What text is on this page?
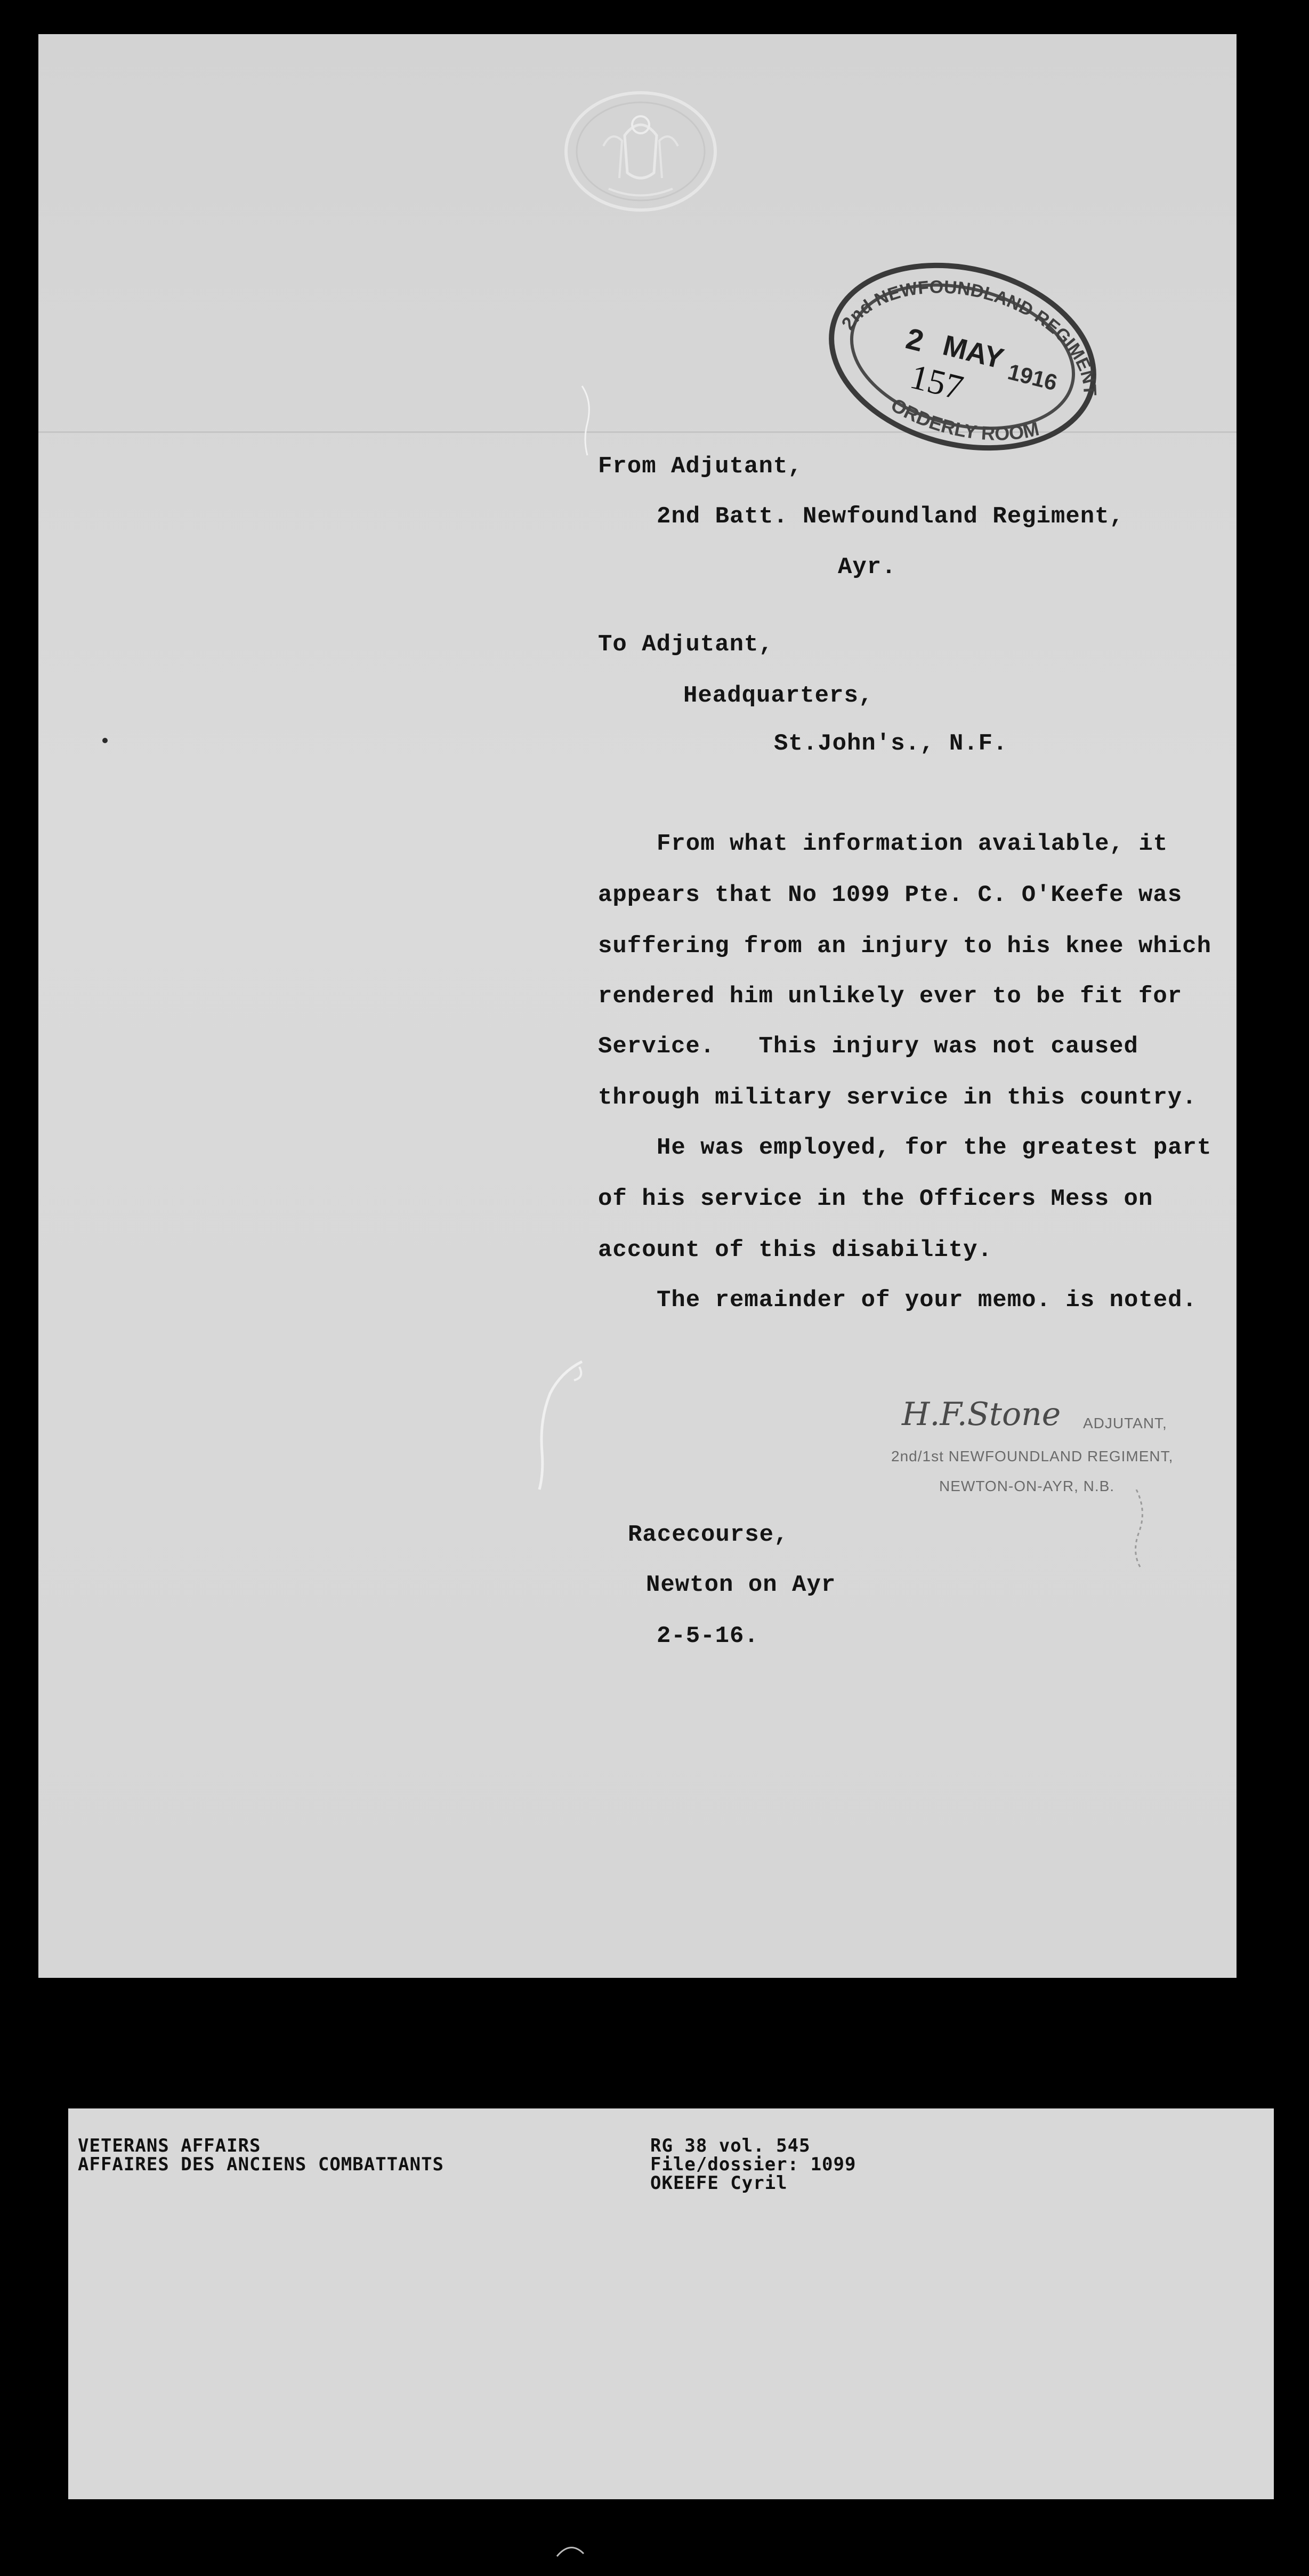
2nd NEWFOUNDLAND REGIMENT
ORDERLY ROOM
2 MAY
1916
157
From Adjutant,
2nd Batt. Newfoundland Regiment,
Ayr.
To Adjutant,
Headquarters,
St.John's., N.F.
From what information available, it
appears that No 1099 Pte. C. O'Keefe was
suffering from an injury to his knee which
rendered him unlikely ever to be fit for
Service.   This injury was not caused
through military service in this country.
He was employed, for the greatest part
of his service in the Officers Mess on
account of this disability.
The remainder of your memo. is noted.
H.F.Stone ADJUTANT,
2nd/1st NEWFOUNDLAND REGIMENT,
NEWTON-ON-AYR, N.B.
Racecourse,
Newton on Ayr
2-5-16.
VETERANS AFFAIRS
AFFAIRES DES ANCIENS COMBATTANTS
RG 38 vol. 545
File/dossier: 1099
OKEEFE Cyril
